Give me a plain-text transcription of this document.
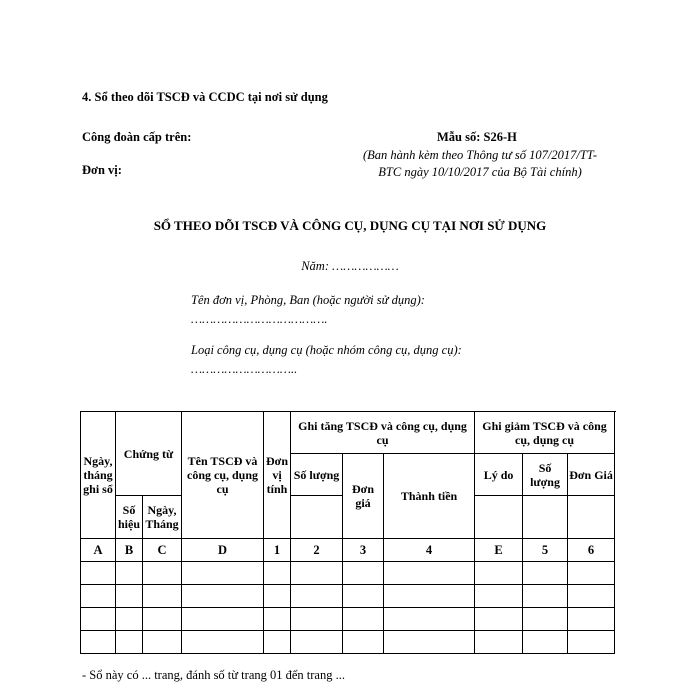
4. Sổ theo dõi TSCĐ và CCDC tại nơi sử dụng
Công đoàn cấp trên:
Đơn vị:
Mẫu số: S26-H
(Ban hành kèm theo Thông tư số 107/2017/TT-
BTC ngày 10/10/2017 của Bộ Tài chính)
SỔ THEO DÕI TSCĐ VÀ CÔNG CỤ, DỤNG CỤ TẠI NƠI SỬ DỤNG
Năm: ………………
Tên đơn vị, Phòng, Ban (hoặc người sử dụng):
……………………………….
Loại công cụ, dụng cụ (hoặc nhóm công cụ, dụng cụ):
………………………..
Ngày, tháng ghi sổ	Chứng từ		Tên TSCĐ và công cụ, dụng cụ	Đơn vị tính	Ghi tăng TSCĐ và công cụ, dụng cụ			Ghi giảm TSCĐ và công cụ, dụng cụ			
					Số lượng	Đơn giá	Thành tiền	Lý do	Số lượng	Đơn Giá	
	Số hiệu	Ngày, Tháng									
A	B	C	D	1	2	3	4	E	5	6	

- Sổ này có ... trang, đánh số từ trang 01 đến trang ...
